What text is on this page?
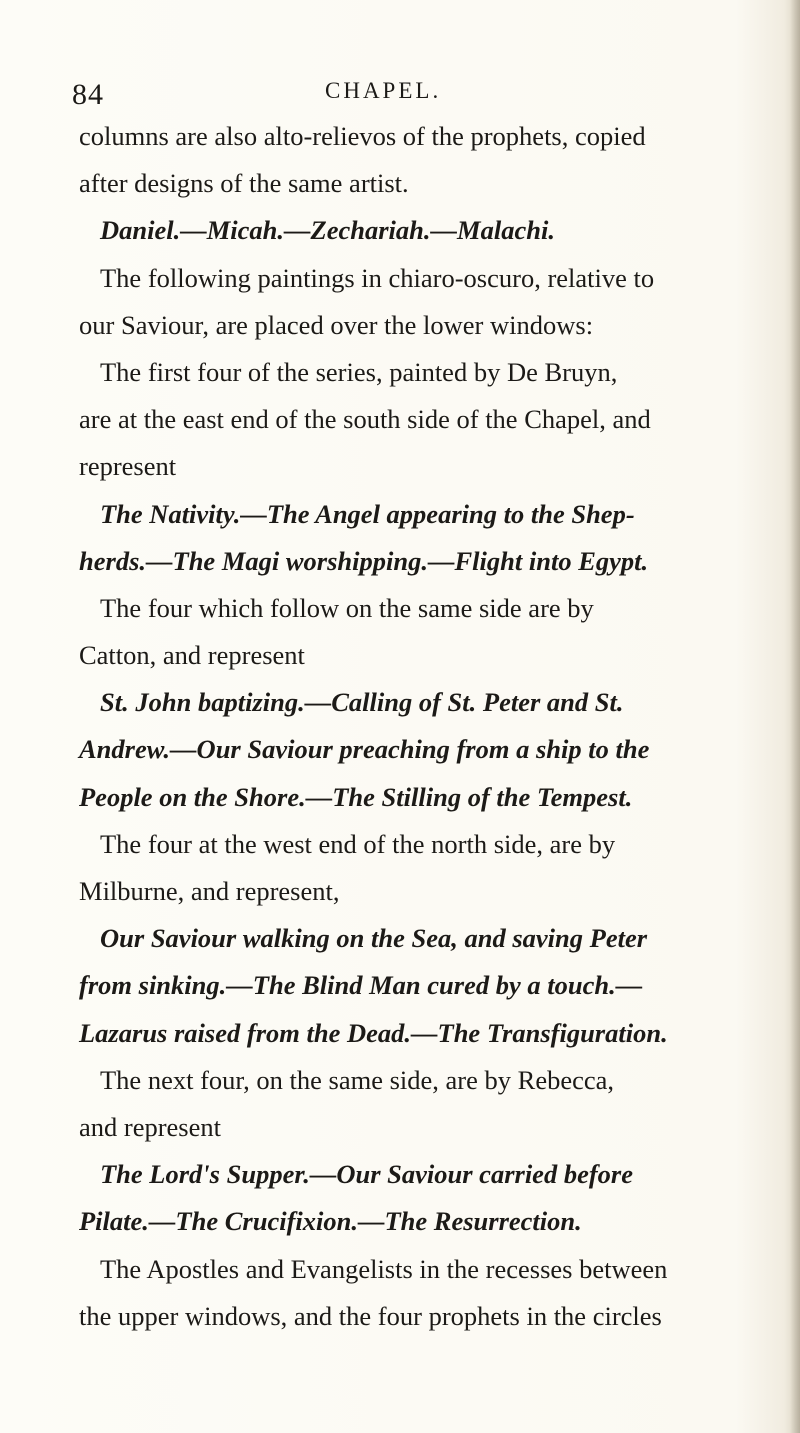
84	CHAPEL.
columns are also alto-relievos of the prophets, copied
after designs of the same artist.
Daniel.—Micah.—Zechariah.—Malachi.
The following paintings in chiaro-oscuro, relative to
our Saviour, are placed over the lower windows:
The first four of the series, painted by De Bruyn,
are at the east end of the south side of the Chapel, and
represent
The Nativity.—The Angel appearing to the Shep-
herds.—The Magi worshipping.—Flight into Egypt.
The four which follow on the same side are by
Catton, and represent
St. John baptizing.—Calling of St. Peter and St.
Andrew.—Our Saviour preaching from a ship to the
People on the Shore.—The Stilling of the Tempest.
The four at the west end of the north side, are by
Milburne, and represent,
Our Saviour walking on the Sea, and saving Peter
from sinking.—The Blind Man cured by a touch.—
Lazarus raised from the Dead.—The Transfiguration.
The next four, on the same side, are by Rebecca,
and represent
The Lord's Supper.—Our Saviour carried before
Pilate.—The Crucifixion.—The Resurrection.
The Apostles and Evangelists in the recesses between
the upper windows, and the four prophets in the circles
